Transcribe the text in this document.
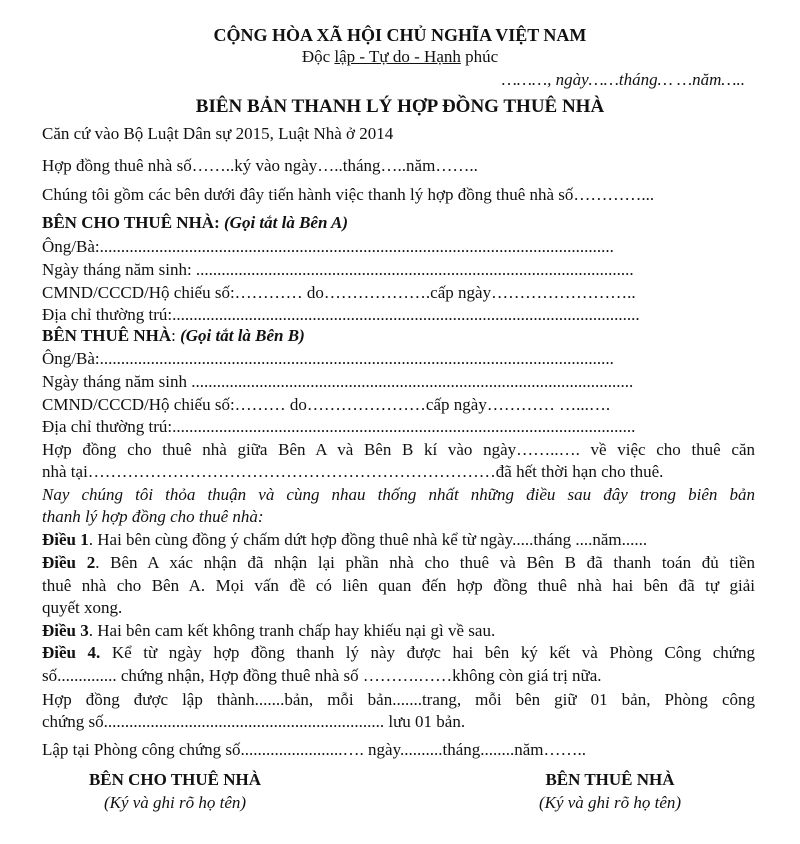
CỘNG HÒA XÃ HỘI CHỦ NGHĨA VIỆT NAM
Độc lập - Tự do - Hạnh phúc
………, ngày……tháng… …năm…..
BIÊN BẢN THANH LÝ HỢP ĐỒNG THUÊ NHÀ
Căn cứ vào Bộ Luật Dân sự 2015, Luật Nhà ở 2014
Hợp đồng thuê nhà số……..ký vào ngày…..tháng…..năm……..
Chúng tôi gồm các bên dưới đây tiến hành việc thanh lý hợp đồng thuê nhà số…………...
BÊN CHO THUÊ NHÀ: (Gọi tắt là Bên A)
Ông/Bà:.........................................................................................................................
Ngày tháng năm sinh: .......................................................................................................
CMND/CCCD/Hộ chiếu số:………… do……………….cấp ngày……………………..
Địa chỉ thường trú:..............................................................................................................
BÊN THUÊ NHÀ: (Gọi tắt là Bên B)
Ông/Bà:.........................................................................................................................
Ngày tháng năm sinh ........................................................................................................
CMND/CCCD/Hộ chiếu số:……… do…………………cấp ngày………… …...….
Địa chỉ thường trú:.............................................................................................................
Hợp đồng cho thuê nhà giữa Bên A và Bên B kí vào ngày……..…. về việc cho thuê căn
nhà tại………………………………………………………………đã hết thời hạn cho thuê.
Nay chúng tôi thỏa thuận và cùng nhau thống nhất những điều sau đây trong biên bản
thanh lý hợp đồng cho thuê nhà:
Điều 1. Hai bên cùng đồng ý chấm dứt hợp đồng thuê nhà kể từ ngày.....tháng ....năm......
Điều 2. Bên A xác nhận đã nhận lại phần nhà cho thuê và Bên B đã thanh toán đủ tiền
thuê nhà cho Bên A. Mọi vấn đề có liên quan đến hợp đồng thuê nhà hai bên đã tự giải
quyết xong.
Điều 3. Hai bên cam kết không tranh chấp hay khiếu nại gì về sau.
Điều 4. Kể từ ngày hợp đồng thanh lý này được hai bên ký kết và Phòng Công chứng
số.............. chứng nhận, Hợp đồng thuê nhà số ……….……không còn giá trị nữa.
Hợp đồng được lập thành.......bản, mỗi bản.......trang, mỗi bên giữ 01 bản, Phòng công
chứng số.................................................................. lưu 01 bản.
Lập tại Phòng công chứng số........................…. ngày..........tháng........năm……..
BÊN CHO THUÊ NHÀ
(Ký và ghi rõ họ tên)
BÊN THUÊ NHÀ
(Ký và ghi rõ họ tên)
